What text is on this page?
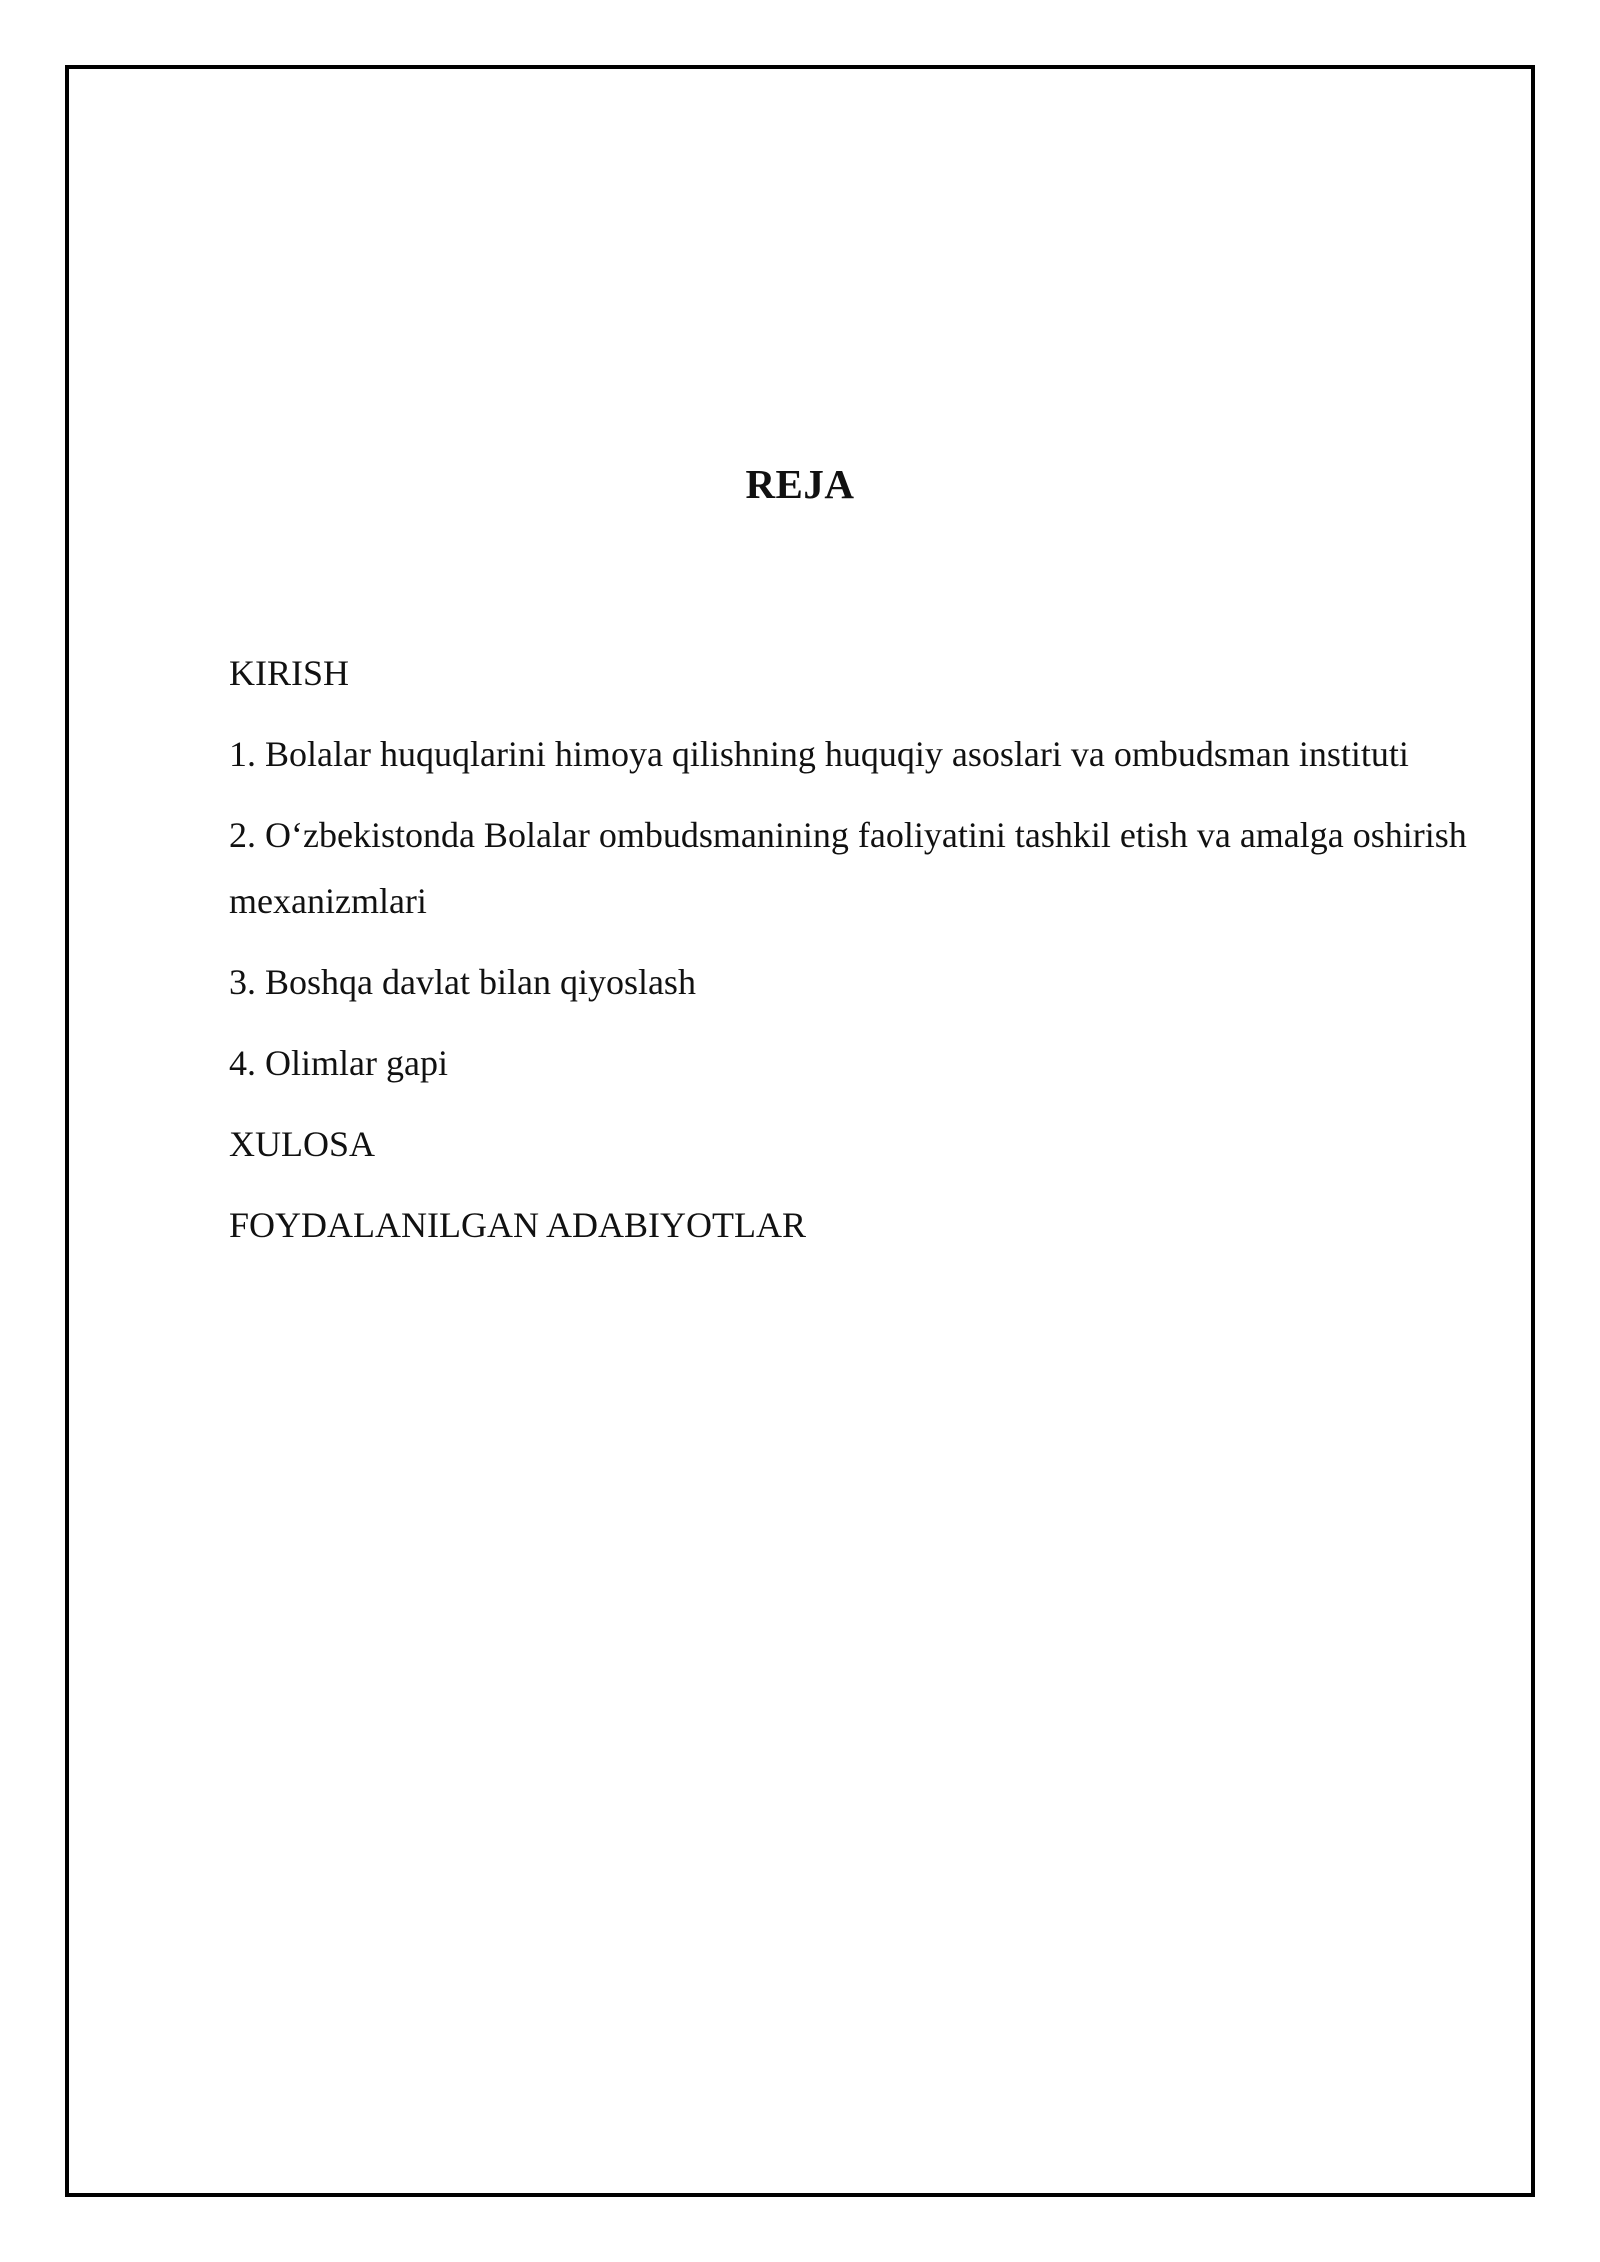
REJA
KIRISH
1. Bolalar huquqlarini himoya qilishning huquqiy asoslari va ombudsman instituti
2. O‘zbekistonda Bolalar ombudsmanining faoliyatini tashkil etish va amalga oshirish mexanizmlari
3. Boshqa davlat bilan qiyoslash
4. Olimlar gapi
XULOSA
FOYDALANILGAN ADABIYOTLAR
